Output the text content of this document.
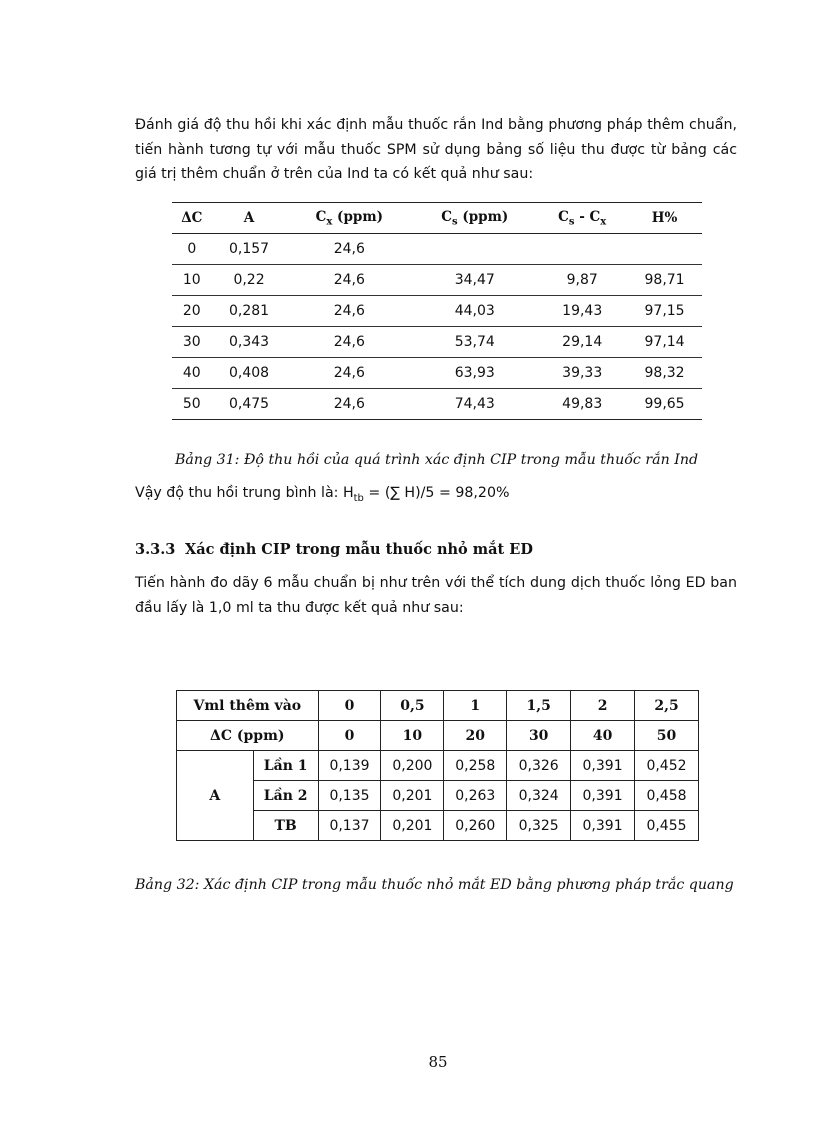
Đánh giá độ thu hồi khi xác định mẫu thuốc rắn Ind bằng phương pháp thêm chuẩn, tiến hành tương tự với mẫu thuốc SPM sử dụng bảng số liệu thu được từ bảng các giá trị thêm chuẩn ở trên của Ind ta có kết quả như sau:

ΔC	A	$C_x$ (ppm)	$C_s$ (ppm)	$C_s - C_x$	H%
0	0,157	24,6			
10	0,22	24,6	34,47	9,87	98,71
20	0,281	24,6	44,03	19,43	97,15
30	0,343	24,6	53,74	29,14	97,14
40	0,408	24,6	63,93	39,33	98,32
50	0,475	24,6	74,43	49,83	99,65

Bảng 31: Độ thu hồi của quá trình xác định CIP trong mẫu thuốc rắn Ind

Vậy độ thu hồi trung bình là: $H_{tb}$ = (∑ H)/5 = 98,20%

3.3.3 Xác định CIP trong mẫu thuốc nhỏ mắt ED

Tiến hành đo dãy 6 mẫu chuẩn bị như trên với thể tích dung dịch thuốc lỏng ED ban đầu lấy là 1,0 ml ta thu được kết quả như sau:

Vml thêm vào		0	0,5	1	1,5	2	2,5
ΔC (ppm)		0	10	20	30	40	50
A	Lần 1	0,139	0,200	0,258	0,326	0,391	0,452
	Lần 2	0,135	0,201	0,263	0,324	0,391	0,458
	TB	0,137	0,201	0,260	0,325	0,391	0,455

Bảng 32: Xác định CIP trong mẫu thuốc nhỏ mắt ED bằng phương pháp trắc quang

85
